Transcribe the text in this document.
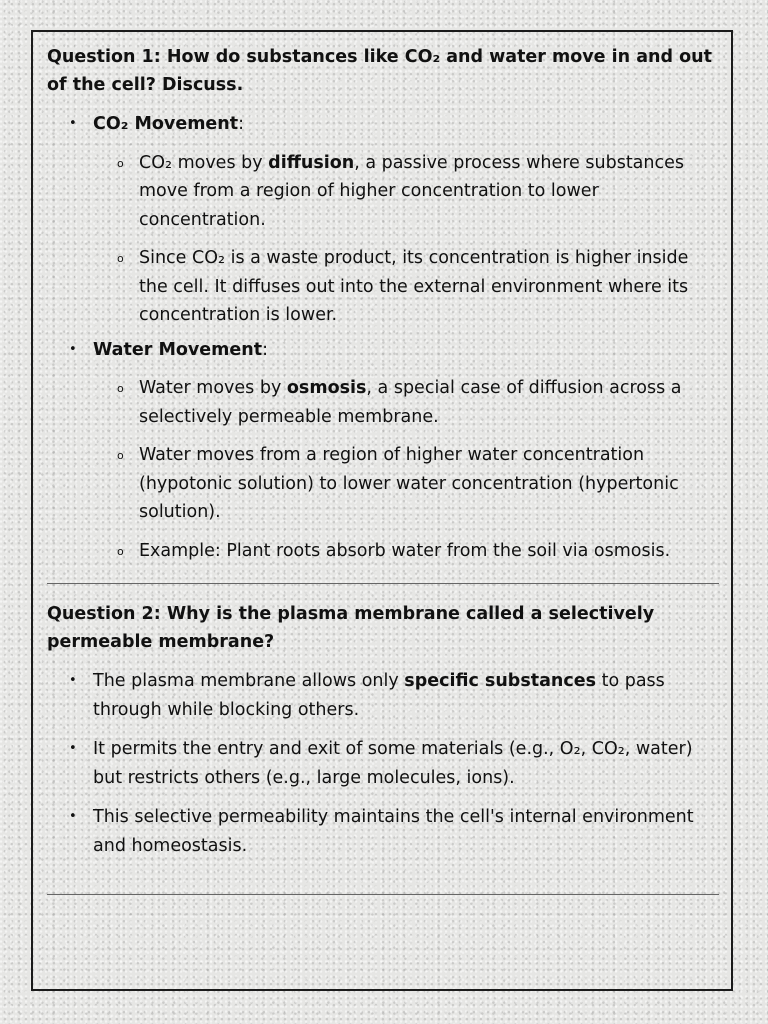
Question 1: How do substances like CO₂ and water move in and out of the cell? Discuss.

• CO₂ Movement:
o CO₂ moves by diffusion, a passive process where substances move from a region of higher concentration to lower concentration.
o Since CO₂ is a waste product, its concentration is higher inside the cell. It diffuses out into the external environment where its concentration is lower.
• Water Movement:
o Water moves by osmosis, a special case of diffusion across a selectively permeable membrane.
o Water moves from a region of higher water concentration (hypotonic solution) to lower water concentration (hypertonic solution).
o Example: Plant roots absorb water from the soil via osmosis.

Question 2: Why is the plasma membrane called a selectively permeable membrane?

• The plasma membrane allows only specific substances to pass through while blocking others.
• It permits the entry and exit of some materials (e.g., O₂, CO₂, water) but restricts others (e.g., large molecules, ions).
• This selective permeability maintains the cell's internal environment and homeostasis.
